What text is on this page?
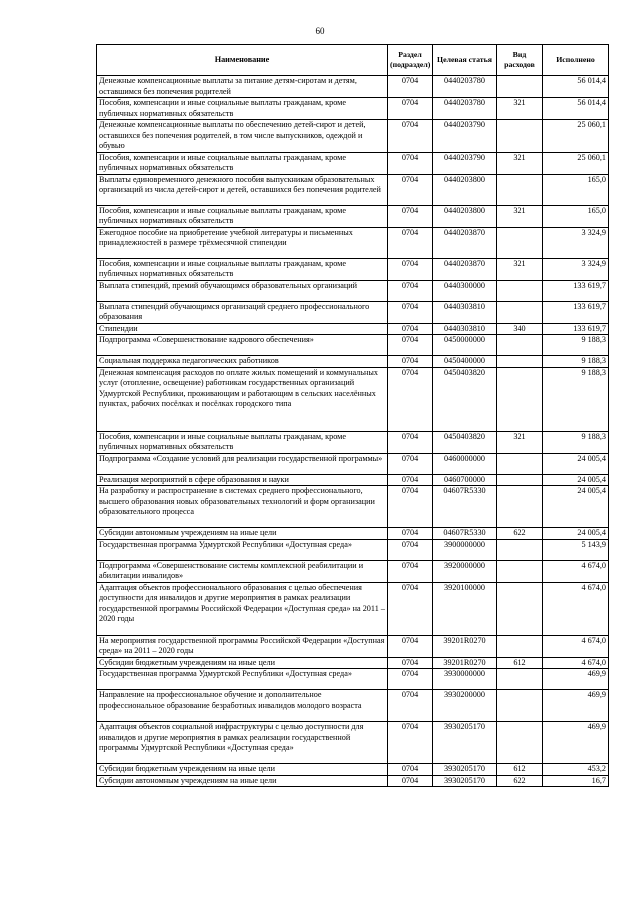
60
Наименование	Раздел (подраздел)	Целевая статья	Вид расходов	Исполнено
Денежные компенсационные выплаты за питание детям-сиротам и детям, оставшимся без попечения родителей	0704	0440203780		56 014,4
Пособия, компенсации и иные социальные выплаты гражданам, кроме публичных нормативных обязательств	0704	0440203780	321	56 014,4
Денежные компенсационные выплаты по обеспечению детей-сирот и детей, оставшихся без попечения родителей, в том числе выпускников, одеждой и обувью	0704	0440203790		25 060,1
Пособия, компенсации и иные социальные выплаты гражданам, кроме публичных нормативных обязательств	0704	0440203790	321	25 060,1
Выплаты единовременного денежного пособия выпускникам образовательных организаций из числа детей-сирот и детей, оставшихся без попечения родителей	0704	0440203800		165,0
Пособия, компенсации и иные социальные выплаты гражданам, кроме публичных нормативных обязательств	0704	0440203800	321	165,0
Ежегодное пособие на приобретение учебной литературы и письменных принадлежностей в размере трёхмесячной стипендии	0704	0440203870		3 324,9
Пособия, компенсации и иные социальные выплаты гражданам, кроме публичных нормативных обязательств	0704	0440203870	321	3 324,9
Выплата стипендий, премий обучающимся образовательных организаций	0704	0440300000		133 619,7
Выплата стипендий обучающимся организаций среднего профессионального образования	0704	0440303810		133 619,7
Стипендии	0704	0440303810	340	133 619,7
Подпрограмма «Совершенствование кадрового обеспечения»	0704	0450000000		9 188,3
Социальная поддержка педагогических работников	0704	0450400000		9 188,3
Денежная компенсация расходов по оплате жилых помещений и коммунальных услуг (отопление, освещение) работникам государственных организаций Удмуртской Республики, проживающим и работающим в сельских населённых пунктах, рабочих посёлках и посёлках городского типа	0704	0450403820		9 188,3
Пособия, компенсации и иные социальные выплаты гражданам, кроме публичных нормативных обязательств	0704	0450403820	321	9 188,3
Подпрограмма «Создание условий для реализации государственной программы»	0704	0460000000		24 005,4
Реализация мероприятий в сфере образования и науки	0704	0460700000		24 005,4
На разработку и распространение в системах среднего профессионального, высшего образования новых образовательных технологий и форм организации образовательного процесса	0704	04607R5330		24 005,4
Субсидии автономным учреждениям на иные цели	0704	04607R5330	622	24 005,4
Государственная программа Удмуртской Республики «Доступная среда»	0704	3900000000		5 143,9
Подпрограмма «Совершенствование системы комплексной реабилитации и абилитации инвалидов»	0704	3920000000		4 674,0
Адаптация объектов профессионального образования с целью обеспечения доступности для инвалидов и другие мероприятия в рамках реализации государственной программы Российской Федерации «Доступная среда» на 2011 – 2020 годы	0704	3920100000		4 674,0
На мероприятия государственной программы Российской Федерации «Доступная среда» на 2011 – 2020 годы	0704	39201R0270		4 674,0
Субсидии бюджетным учреждениям на иные цели	0704	39201R0270	612	4 674,0
Государственная программа Удмуртской Республики «Доступная среда»	0704	3930000000		469,9
Направление на профессиональное обучение и дополнительное профессиональное образование безработных инвалидов молодого возраста	0704	3930200000		469,9
Адаптация объектов социальной инфраструктуры с целью доступности для инвалидов и другие мероприятия в рамках реализации государственной программы Удмуртской Республики «Доступная среда»	0704	3930205170		469,9
Субсидии бюджетным учреждениям на иные цели	0704	3930205170	612	453,2
Субсидии автономным учреждениям на иные цели	0704	3930205170	622	16,7
